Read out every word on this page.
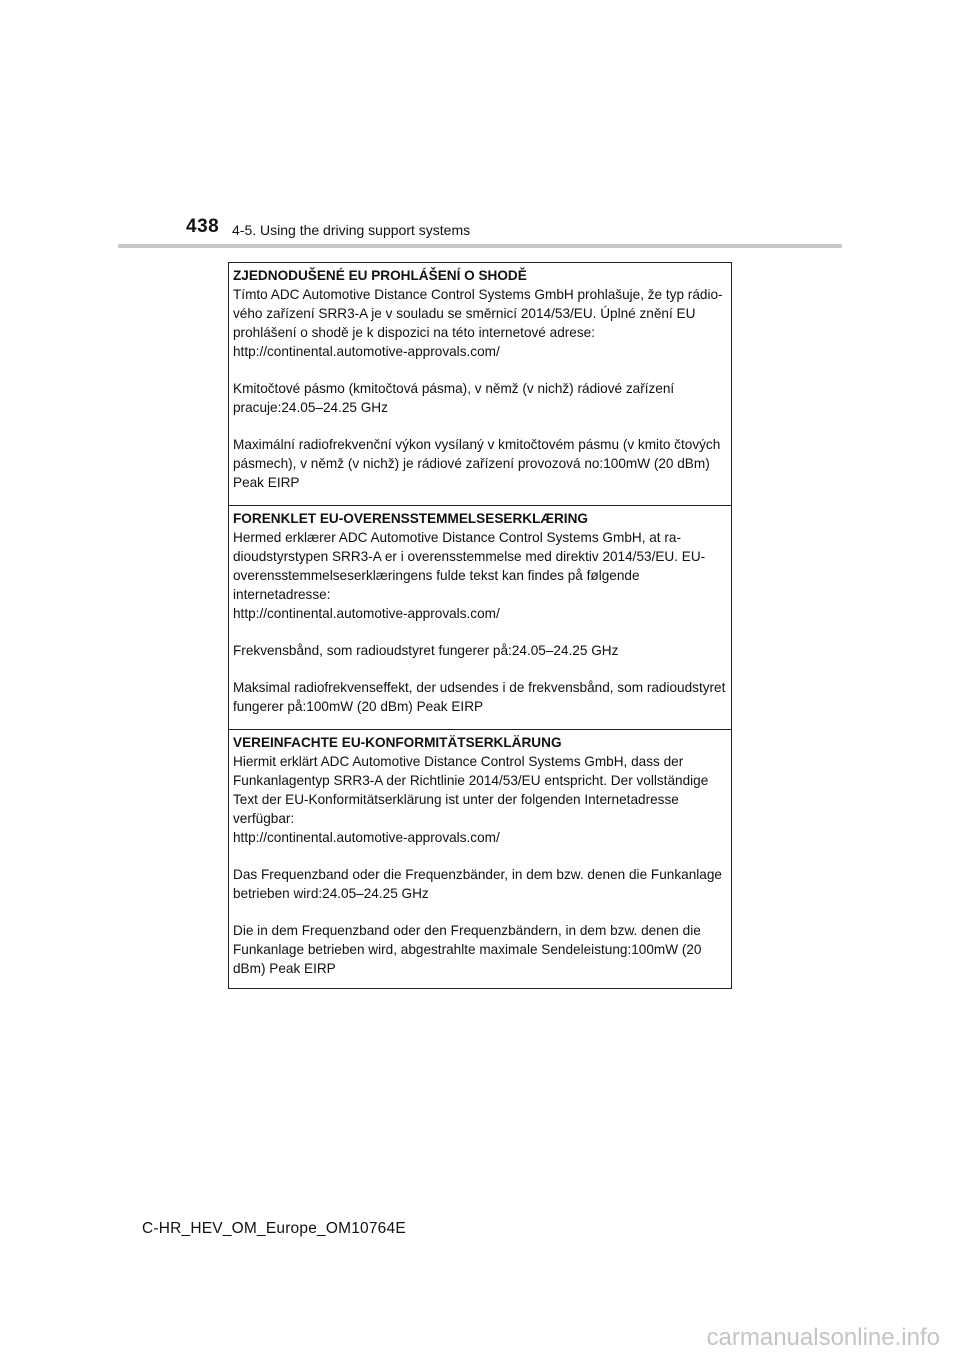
438 4-5. Using the driving support systems
ZJEDNODUŠENÉ EU PROHLÁŠENÍ O SHODĚ

Tímto ADC Automotive Distance Control Systems GmbH prohlašuje, že typ rádio-vého zařízení SRR3-A je v souladu se směrnicí 2014/53/EU. Úplné znění EU prohlášení o shodě je k dispozici na této internetové adrese:
http://continental.automotive-approvals.com/

Kmitočtové pásmo (kmitočtová pásma), v němž (v nichž) rádiové zařízení pracuje:24.05–24.25 GHz

Maximální radiofrekvenční výkon vysílaný v kmitočtovém pásmu (v kmito čtových pásmech), v němž (v nichž) je rádiové zařízení provozová no:100mW (20 dBm) Peak EIRP

FORENKLET EU-OVERENSSTEMMELSESERKLÆRING

Hermed erklærer ADC Automotive Distance Control Systems GmbH, at ra-dioudstyrstypen SRR3-A er i overensstemmelse med direktiv 2014/53/EU. EU-overensstemmelseserklæringens fulde tekst kan findes på følgende internetadresse:
http://continental.automotive-approvals.com/

Frekvensbånd, som radioudstyret fungerer på:24.05–24.25 GHz

Maksimal radiofrekvenseffekt, der udsendes i de frekvensbånd, som radioudstyret fungerer på:100mW (20 dBm) Peak EIRP

VEREINFACHTE EU-KONFORMITÄTSERKLÄRUNG

Hiermit erklärt ADC Automotive Distance Control Systems GmbH, dass der Funkanlagentyp SRR3-A der Richtlinie 2014/53/EU entspricht. Der vollständige Text der EU-Konformitätserklärung ist unter der folgenden Internetadresse verfügbar:
http://continental.automotive-approvals.com/

Das Frequenzband oder die Frequenzbänder, in dem bzw. denen die Funkanlage betrieben wird:24.05–24.25 GHz

Die in dem Frequenzband oder den Frequenzbändern, in dem bzw. denen die Funkanlage betrieben wird, abgestrahlte maximale Sendeleistung:100mW (20 dBm) Peak EIRP

C-HR_HEV_OM_Europe_OM10764E
carmanualsonline.info
